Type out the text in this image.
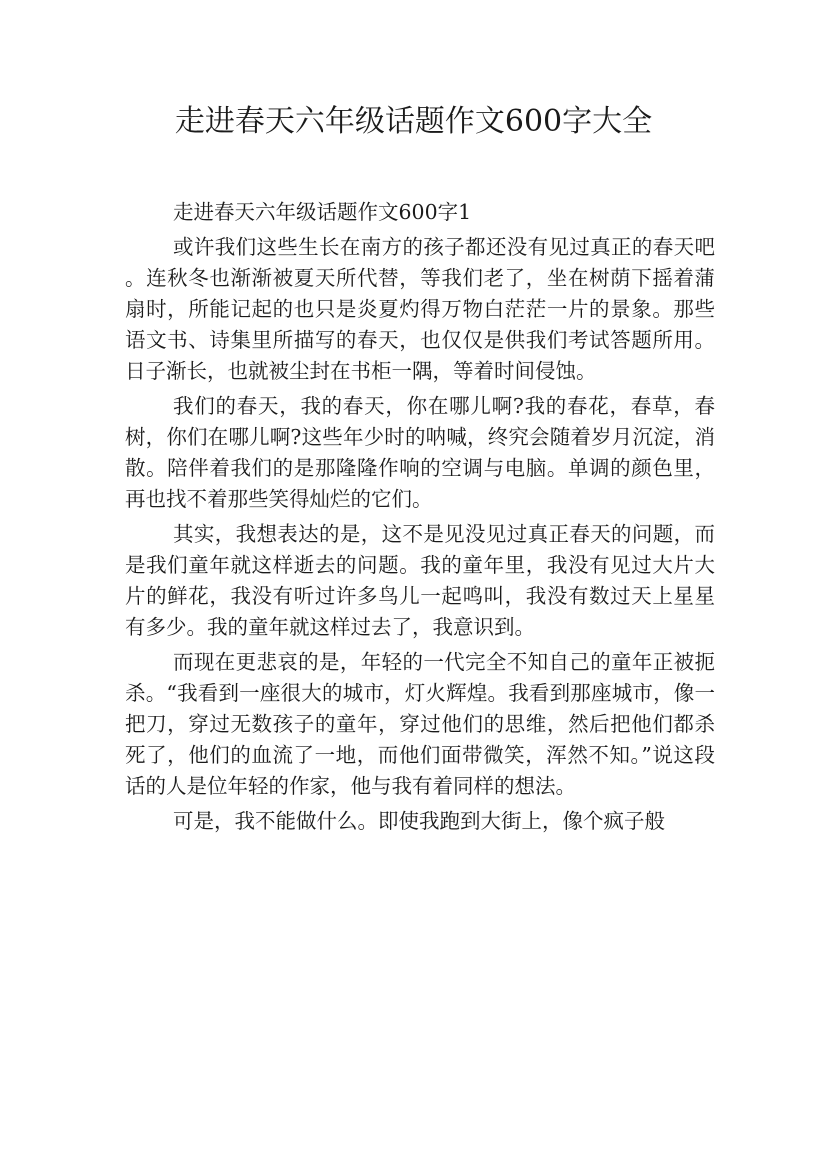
走进春天六年级话题作文600字大全
走进春天六年级话题作文600字1

或许我们这些生长在南方的孩子都还没有见过真正的春天吧。连秋冬也渐渐被夏天所代替，等我们老了，坐在树荫下摇着蒲扇时，所能记起的也只是炎夏灼得万物白茫茫一片的景象。那些语文书、诗集里所描写的春天，也仅仅是供我们考试答题所用。日子渐长，也就被尘封在书柜一隅，等着时间侵蚀。

我们的春天，我的春天，你在哪儿啊?我的春花，春草，春树，你们在哪儿啊?这些年少时的呐喊，终究会随着岁月沉淀，消散。陪伴着我们的是那隆隆作响的空调与电脑。单调的颜色里，再也找不着那些笑得灿烂的它们。

其实，我想表达的是，这不是见没见过真正春天的问题，而是我们童年就这样逝去的问题。我的童年里，我没有见过大片大片的鲜花，我没有听过许多鸟儿一起鸣叫，我没有数过天上星星有多少。我的童年就这样过去了，我意识到。

而现在更悲哀的是，年轻的一代完全不知自己的童年正被扼杀。“我看到一座很大的城市，灯火辉煌。我看到那座城市，像一把刀，穿过无数孩子的童年，穿过他们的思维，然后把他们都杀死了，他们的血流了一地，而他们面带微笑，浑然不知。”说这段话的人是位年轻的作家，他与我有着同样的想法。

可是，我不能做什么。即使我跑到大街上，像个疯子般
